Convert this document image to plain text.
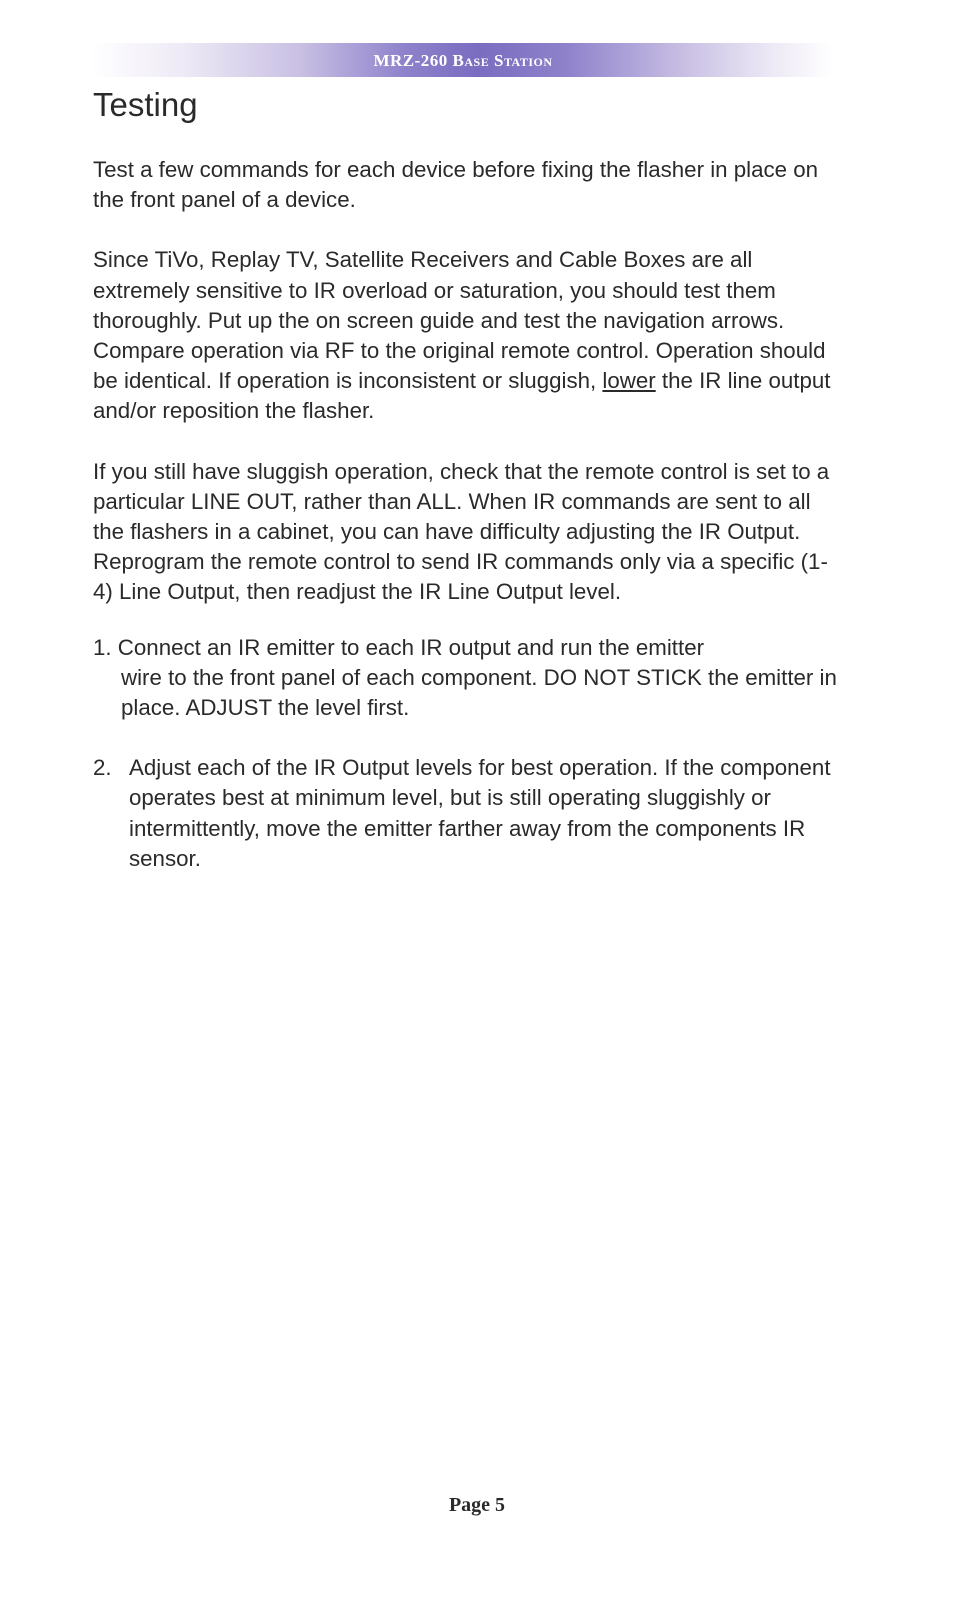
MRZ-260 Base Station
Testing

Test a few commands for each device before fixing the flasher in place on the front panel of a device.

Since TiVo, Replay TV, Satellite Receivers and Cable Boxes are all extremely sensitive to IR overload or saturation, you should test them thoroughly. Put up the on screen guide and test the navigation arrows. Compare operation via RF to the original remote control. Operation should be identical. If operation is inconsistent or sluggish, lower the IR line output and/or reposition the flasher.

If you still have sluggish operation, check that the remote control is set to a particular LINE OUT, rather than ALL. When IR commands are sent to all the flashers in a cabinet, you can have difficulty adjusting the IR Output. Reprogram the remote control to send IR commands only via a specific (1-4) Line Output, then readjust the IR Line Output level.

1. Connect an IR emitter to each IR output and run the emitter
wire to the front panel of each component. DO NOT STICK the emitter in place. ADJUST the level first.
2. Adjust each of the IR Output levels for best operation. If the component operates best at minimum level, but is still operating sluggishly or intermittently, move the emitter farther away from the components IR sensor.
Page 5
